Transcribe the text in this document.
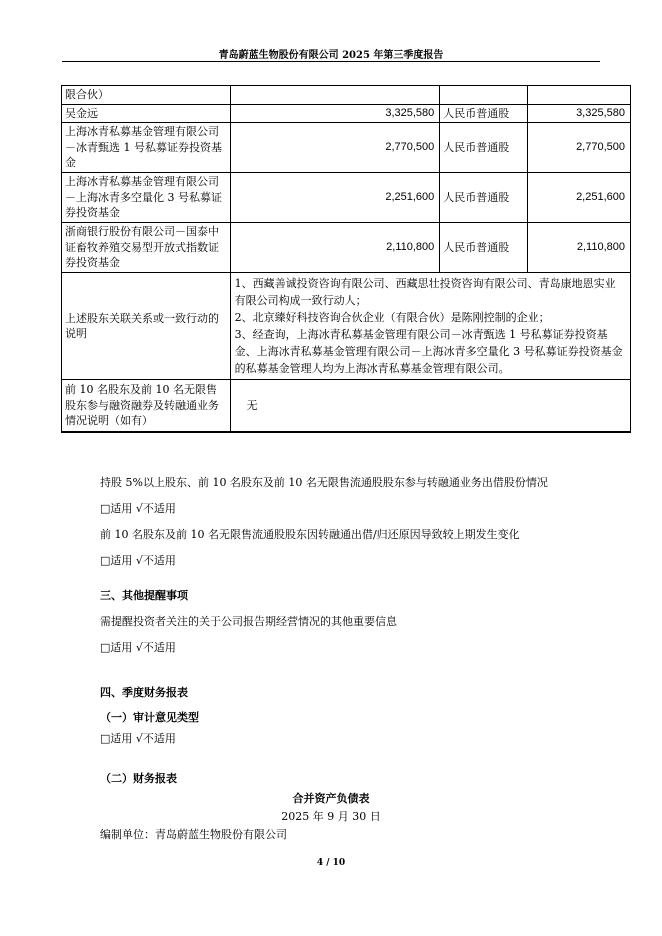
青岛蔚蓝生物股份有限公司 2025 年第三季度报告
限合伙）			
吴金远	3,325,580	人民币普通股	3,325,580
上海冰青私募基金管理有限公司－冰青甄选 1 号私募证券投资基金	2,770,500	人民币普通股	2,770,500
上海冰青私募基金管理有限公司－上海冰青多空量化 3 号私募证券投资基金	2,251,600	人民币普通股	2,251,600
浙商银行股份有限公司－国泰中证畜牧养殖交易型开放式指数证券投资基金	2,110,800	人民币普通股	2,110,800
上述股东关联关系或一致行动的说明	1、西藏善诚投资咨询有限公司、西藏思壮投资咨询有限公司、青岛康地恩实业有限公司构成一致行动人；
2、北京臻好科技咨询合伙企业（有限合伙）是陈刚控制的企业；
3、经查询，上海冰青私募基金管理有限公司－冰青甄选 1 号私募证券投资基金、上海冰青私募基金管理有限公司－上海冰青多空量化 3 号私募证券投资基金的私募基金管理人均为上海冰青私募基金管理有限公司。		

前 10 名股东及前 10 名无限售股东参与融资融券及转融通业务情况说明（如有）	无		
持股 5%以上股东、前 10 名股东及前 10 名无限售流通股股东参与转融通业务出借股份情况
□适用 √不适用
前 10 名股东及前 10 名无限售流通股股东因转融通出借/归还原因导致较上期发生变化
□适用 √不适用
三、其他提醒事项
需提醒投资者关注的关于公司报告期经营情况的其他重要信息
□适用 √不适用
四、季度财务报表
（一）审计意见类型
□适用 √不适用
（二）财务报表
合并资产负债表
2025 年 9 月 30 日
编制单位：青岛蔚蓝生物股份有限公司
4 / 10
